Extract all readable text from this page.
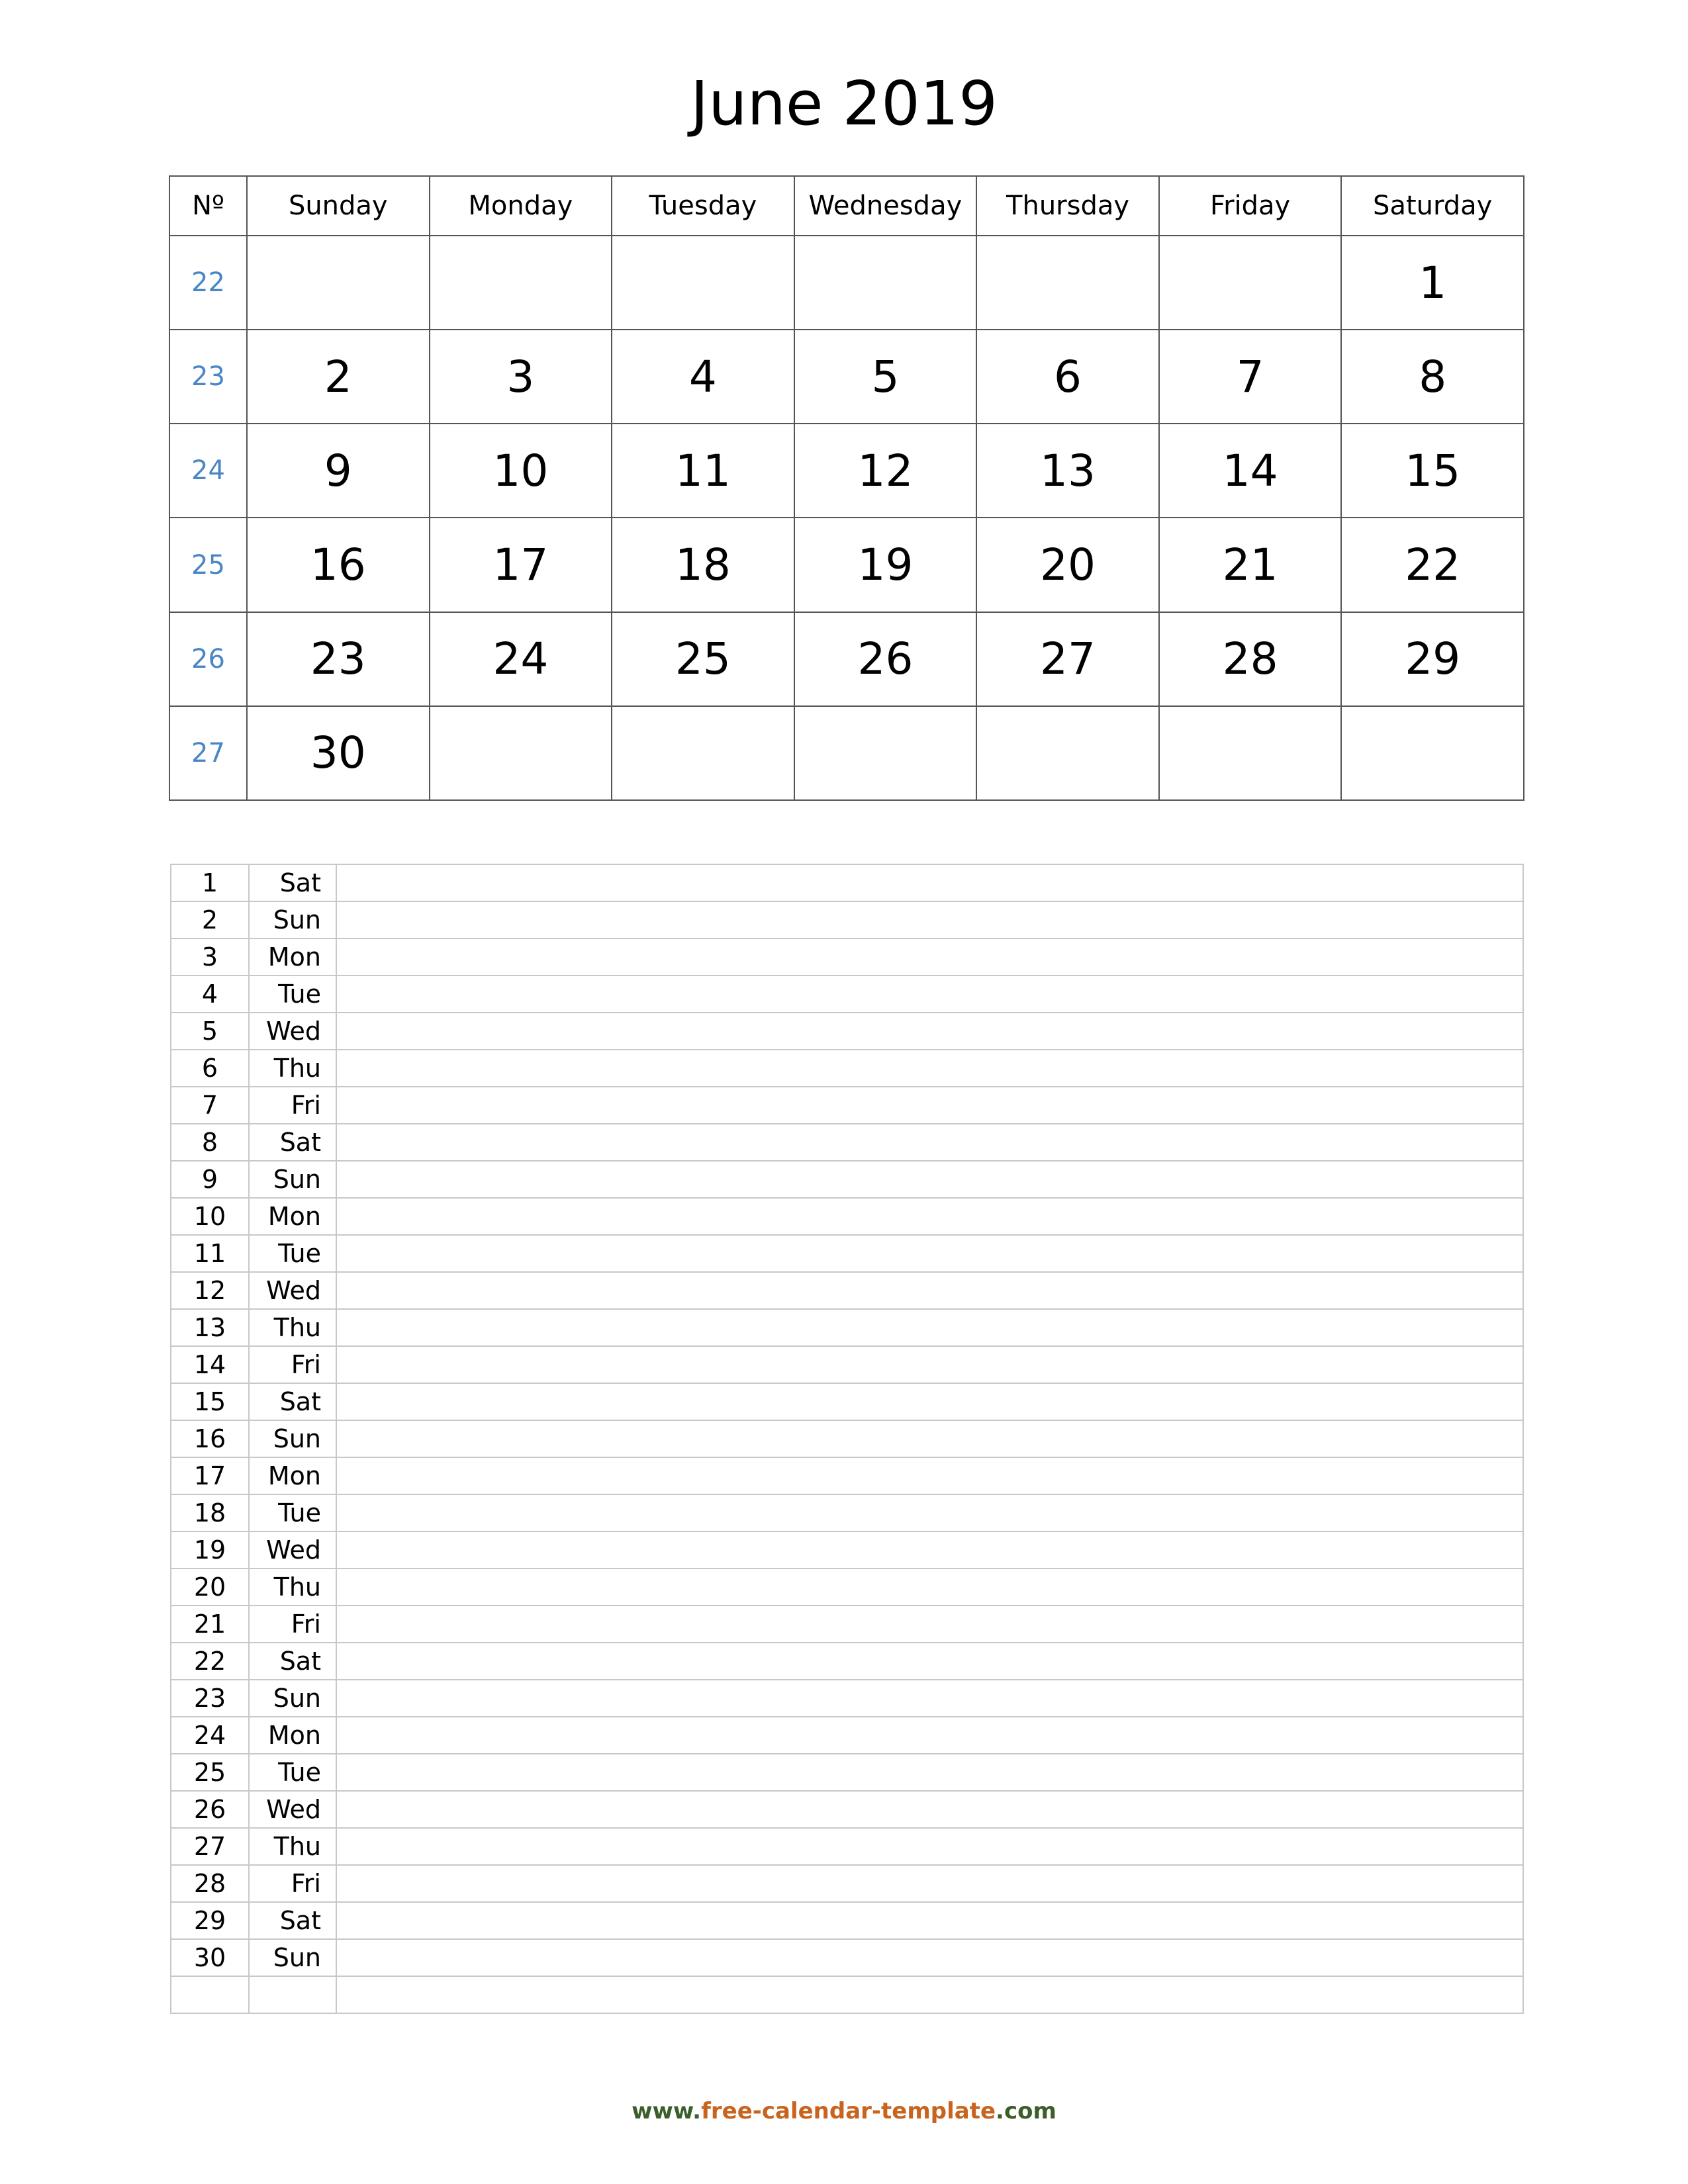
June 2019
Nº	Sunday	Monday	Tuesday	Wednesday	Thursday	Friday	Saturday
22							1
23	2	3	4	5	6	7	8
24	9	10	11	12	13	14	15
25	16	17	18	19	20	21	22
26	23	24	25	26	27	28	29
27	30						
1	Sat	
2	Sun	
3	Mon	
4	Tue	
5	Wed	
6	Thu	
7	Fri	
8	Sat	
9	Sun	
10	Mon	
11	Tue	
12	Wed	
13	Thu	
14	Fri	
15	Sat	
16	Sun	
17	Mon	
18	Tue	
19	Wed	
20	Thu	
21	Fri	
22	Sat	
23	Sun	
24	Mon	
25	Tue	
26	Wed	
27	Thu	
28	Fri	
29	Sat	
30	Sun	

www.free-calendar-template.com
